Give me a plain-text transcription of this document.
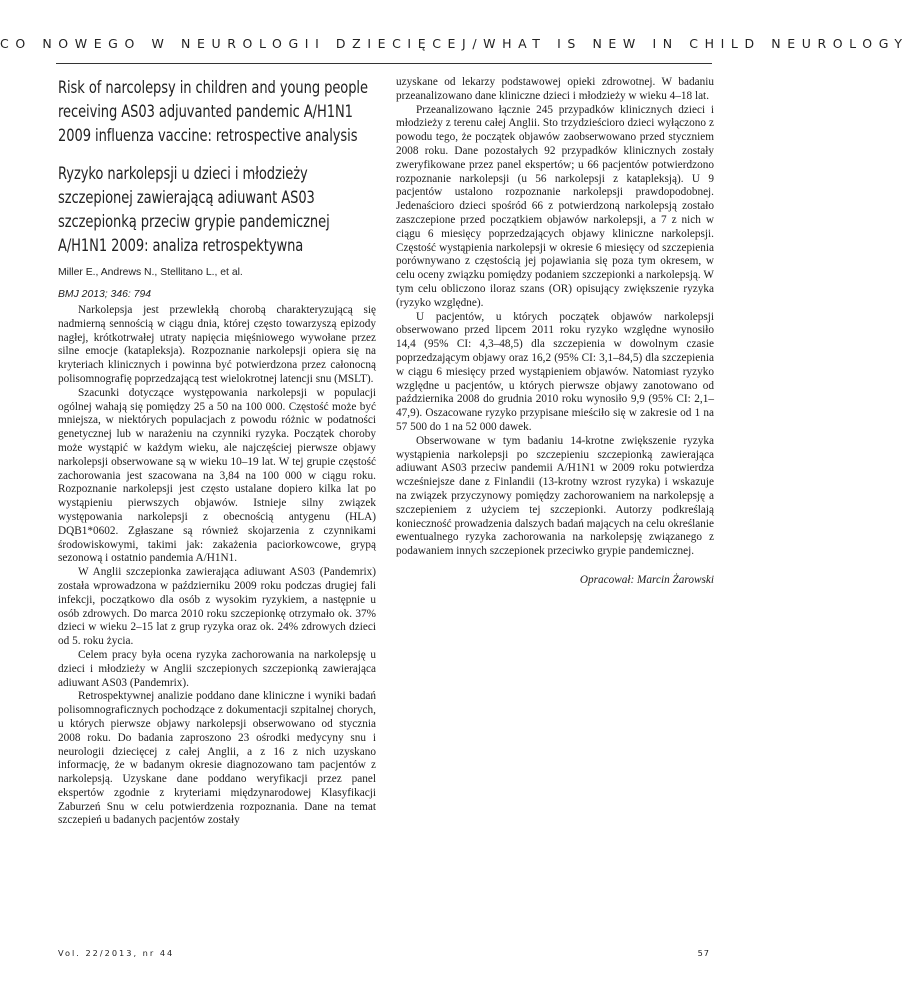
CO NOWEGO W NEUROLOGII DZIECIĘCEJ/WHAT IS NEW IN CHILD NEUROLOGY
Risk of narcolepsy in children and young people receiving AS03 adjuvanted pandemic A/H1N1 2009 influenza vaccine: retrospective analysis
Ryzyko narkolepsji u dzieci i młodzieży szczepionej zawierającą adiuwant AS03 szczepionką przeciw grypie pandemicznej A/H1N1 2009: analiza retrospektywna
Miller E., Andrews N., Stellitano L., et al.
BMJ 2013; 346: 794

Narkolepsja jest przewlekłą chorobą charakteryzującą się nadmierną sennością w ciągu dnia, której często towarzyszą epizody nagłej, krótkotrwałej utraty napięcia mięśniowego wywołane przez silne emocje (katapleksja). Rozpoznanie narkolepsji opiera się na kryteriach klinicznych i powinna być potwierdzona przez całonocną polisomnografię poprzedzającą test wielokrotnej latencji snu (MSLT).

Szacunki dotyczące występowania narkolepsji w populacji ogólnej wahają się pomiędzy 25 a 50 na 100 000. Częstość może być mniejsza, w niektórych populacjach z powodu różnic w podatności genetycznej lub w narażeniu na czynniki ryzyka. Początek choroby może wystąpić w każdym wieku, ale najczęściej pierwsze objawy narkolepsji obserwowane są w wieku 10–19 lat. W tej grupie częstość zachorowania jest szacowana na 3,84 na 100 000 w ciągu roku. Rozpoznanie narkolepsji jest często ustalane dopiero kilka lat po wystąpieniu pierwszych objawów. Istnieje silny związek występowania narkolepsji z obecnością antygenu (HLA) DQB1*0602. Zgłaszane są również skojarzenia z czynnikami środowiskowymi, takimi jak: zakażenia paciorkowcowe, grypą sezonową i ostatnio pandemia A/H1N1.

W Anglii szczepionka zawierająca adiuwant AS03 (Pandemrix) została wprowadzona w październiku 2009 roku podczas drugiej fali infekcji, początkowo dla osób z wysokim ryzykiem, a następnie u osób zdrowych. Do marca 2010 roku szczepionkę otrzymało ok. 37% dzieci w wieku 2–15 lat z grup ryzyka oraz ok. 24% zdrowych dzieci od 5. roku życia.

Celem pracy była ocena ryzyka zachorowania na narkolepsję u dzieci i młodzieży w Anglii szczepionych szczepionką zawierająca adiuwant AS03 (Pandemrix).

Retrospektywnej analizie poddano dane kliniczne i wyniki badań polisomnograficznych pochodzące z dokumentacji szpitalnej chorych, u których pierwsze objawy narkolepsji obserwowano od stycznia 2008 roku. Do badania zaproszono 23 ośrodki medycyny snu i neurologii dziecięcej z całej Anglii, a z 16 z nich uzyskano informację, że w badanym okresie diagnozowano tam pacjentów z narkolepsją. Uzyskane dane poddano weryfikacji przez panel ekspertów zgodnie z kryteriami międzynarodowej Klasyfikacji Zaburzeń Snu w celu potwierdzenia rozpoznania. Dane na temat szczepień u badanych pacjentów zostały

uzyskane od lekarzy podstawowej opieki zdrowotnej. W badaniu przeanalizowano dane kliniczne dzieci i młodzieży w wieku 4–18 lat.

Przeanalizowano łącznie 245 przypadków klinicznych dzieci i młodzieży z terenu całej Anglii. Sto trzydzieścioro dzieci wyłączono z powodu tego, że początek objawów zaobserwowano przed styczniem 2008 roku. Dane pozostałych 92 przypadków klinicznych zostały zweryfikowane przez panel ekspertów; u 66 pacjentów potwierdzono rozpoznanie narkolepsji (u 56 narkolepsji z katapleksją). U 9 pacjentów ustalono rozpoznanie narkolepsji prawdopodobnej. Jedenaścioro dzieci spośród 66 z potwierdzoną narkolepsją zostało zaszczepione przed początkiem objawów narkolepsji, a 7 z nich w ciągu 6 miesięcy poprzedzających objawy kliniczne narkolepsji. Częstość wystąpienia narkolepsji w okresie 6 miesięcy od szczepienia porównywano z częstością jej pojawiania się poza tym okresem, w celu oceny związku pomiędzy podaniem szczepionki a narkolepsją. W tym celu obliczono iloraz szans (OR) opisujący zwiększenie ryzyka (ryzyko względne).

U pacjentów, u których początek objawów narkolepsji obserwowano przed lipcem 2011 roku ryzyko względne wynosiło 14,4 (95% CI: 4,3–48,5) dla szczepienia w dowolnym czasie poprzedzającym objawy oraz 16,2 (95% CI: 3,1–84,5) dla szczepienia w ciągu 6 miesięcy przed wystąpieniem objawów. Natomiast ryzyko względne u pacjentów, u których pierwsze objawy zanotowano od października 2008 do grudnia 2010 roku wynosiło 9,9 (95% CI: 2,1–47,9). Oszacowane ryzyko przypisane mieściło się w zakresie od 1 na 57 500 do 1 na 52 000 dawek.

Obserwowane w tym badaniu 14-krotne zwiększenie ryzyka wystąpienia narkolepsji po szczepieniu szczepionką zawierająca adiuwant AS03 przeciw pandemii A/H1N1 w 2009 roku potwierdza wcześniejsze dane z Finlandii (13-krotny wzrost ryzyka) i wskazuje na związek przyczynowy pomiędzy zachorowaniem na narkolepsję a szczepieniem z użyciem tej szczepionki. Autorzy podkreślają konieczność prowadzenia dalszych badań mających na celu określanie ewentualnego ryzyka zachorowania na narkolepsję związanego z podawaniem innych szczepionek przeciwko grypie pandemicznej.

Opracował: Marcin Żarowski
Vol. 22/2013, nr 44	57
